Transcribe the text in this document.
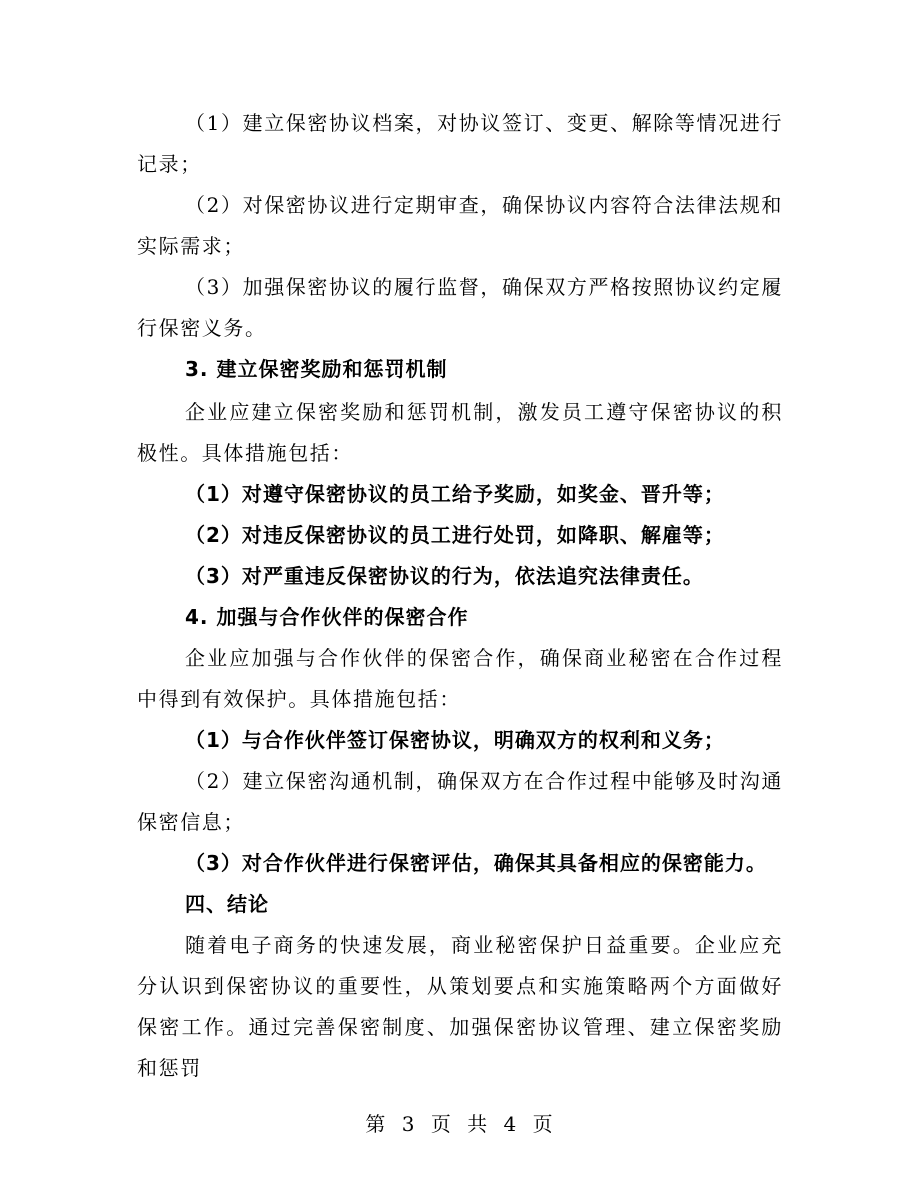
（1）建立保密协议档案，对协议签订、变更、解除等情况进行记录；

（2）对保密协议进行定期审查，确保协议内容符合法律法规和实际需求；

（3）加强保密协议的履行监督，确保双方严格按照协议约定履行保密义务。

3. 建立保密奖励和惩罚机制

企业应建立保密奖励和惩罚机制，激发员工遵守保密协议的积极性。具体措施包括：

（1）对遵守保密协议的员工给予奖励，如奖金、晋升等；

（2）对违反保密协议的员工进行处罚，如降职、解雇等；

（3）对严重违反保密协议的行为，依法追究法律责任。

4. 加强与合作伙伴的保密合作

企业应加强与合作伙伴的保密合作，确保商业秘密在合作过程中得到有效保护。具体措施包括：

（1）与合作伙伴签订保密协议，明确双方的权利和义务；

（2）建立保密沟通机制，确保双方在合作过程中能够及时沟通保密信息；

（3）对合作伙伴进行保密评估，确保其具备相应的保密能力。

四、结论

随着电子商务的快速发展，商业秘密保护日益重要。企业应充分认识到保密协议的重要性，从策划要点和实施策略两个方面做好保密工作。通过完善保密制度、加强保密协议管理、建立保密奖励和惩罚

第 3 页 共 4 页
